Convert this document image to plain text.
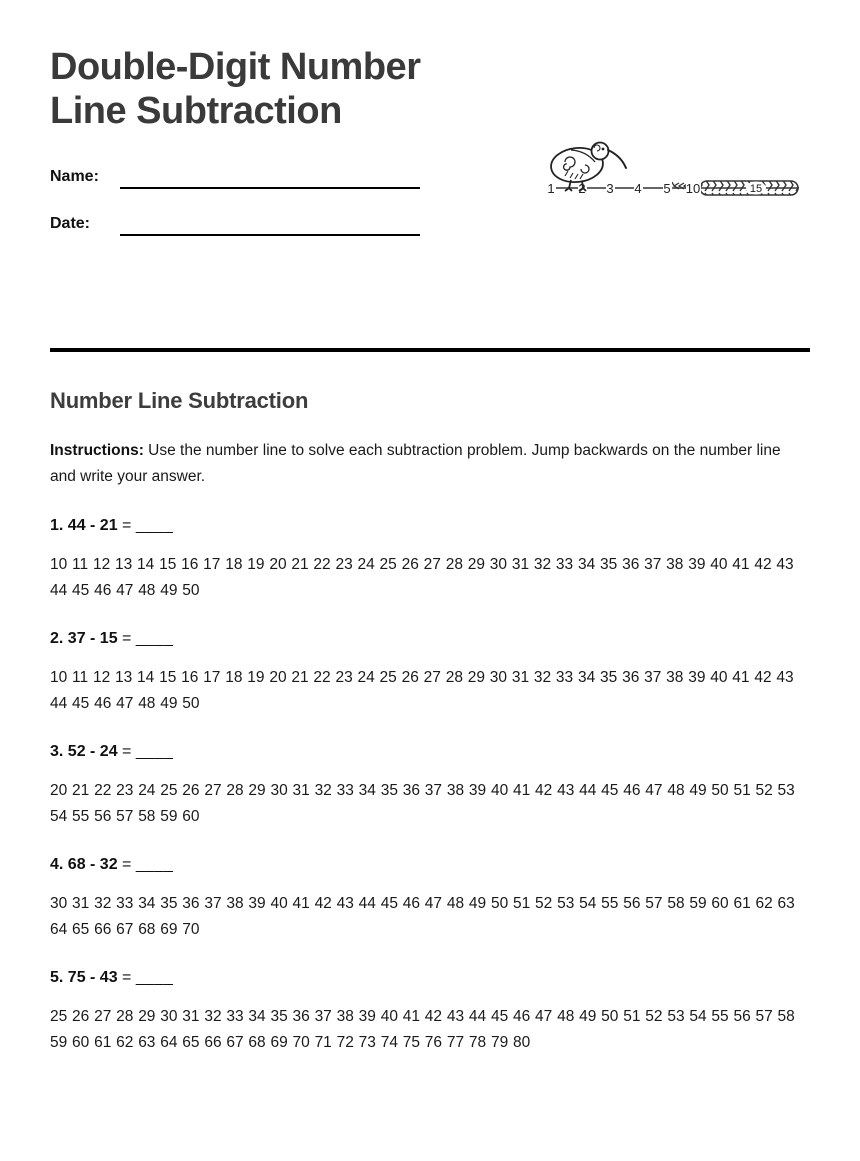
Double-Digit Number Line Subtraction
Name:
Date:
1 2 3 4 5 10	15
Number Line Subtraction

Instructions: Use the number line to solve each subtraction problem. Jump backwards on the number line and write your answer.

1. 44 - 21 = ____

10 11 12 13 14 15 16 17 18 19 20 21 22 23 24 25 26 27 28 29 30 31 32 33 34 35 36 37 38 39 40 41 42 43 44 45 46 47 48 49 50

2. 37 - 15 = ____

10 11 12 13 14 15 16 17 18 19 20 21 22 23 24 25 26 27 28 29 30 31 32 33 34 35 36 37 38 39 40 41 42 43 44 45 46 47 48 49 50

3. 52 - 24 = ____

20 21 22 23 24 25 26 27 28 29 30 31 32 33 34 35 36 37 38 39 40 41 42 43 44 45 46 47 48 49 50 51 52 53 54 55 56 57 58 59 60

4. 68 - 32 = ____

30 31 32 33 34 35 36 37 38 39 40 41 42 43 44 45 46 47 48 49 50 51 52 53 54 55 56 57 58 59 60 61 62 63 64 65 66 67 68 69 70

5. 75 - 43 = ____

25 26 27 28 29 30 31 32 33 34 35 36 37 38 39 40 41 42 43 44 45 46 47 48 49 50 51 52 53 54 55 56 57 58 59 60 61 62 63 64 65 66 67 68 69 70 71 72 73 74 75 76 77 78 79 80
